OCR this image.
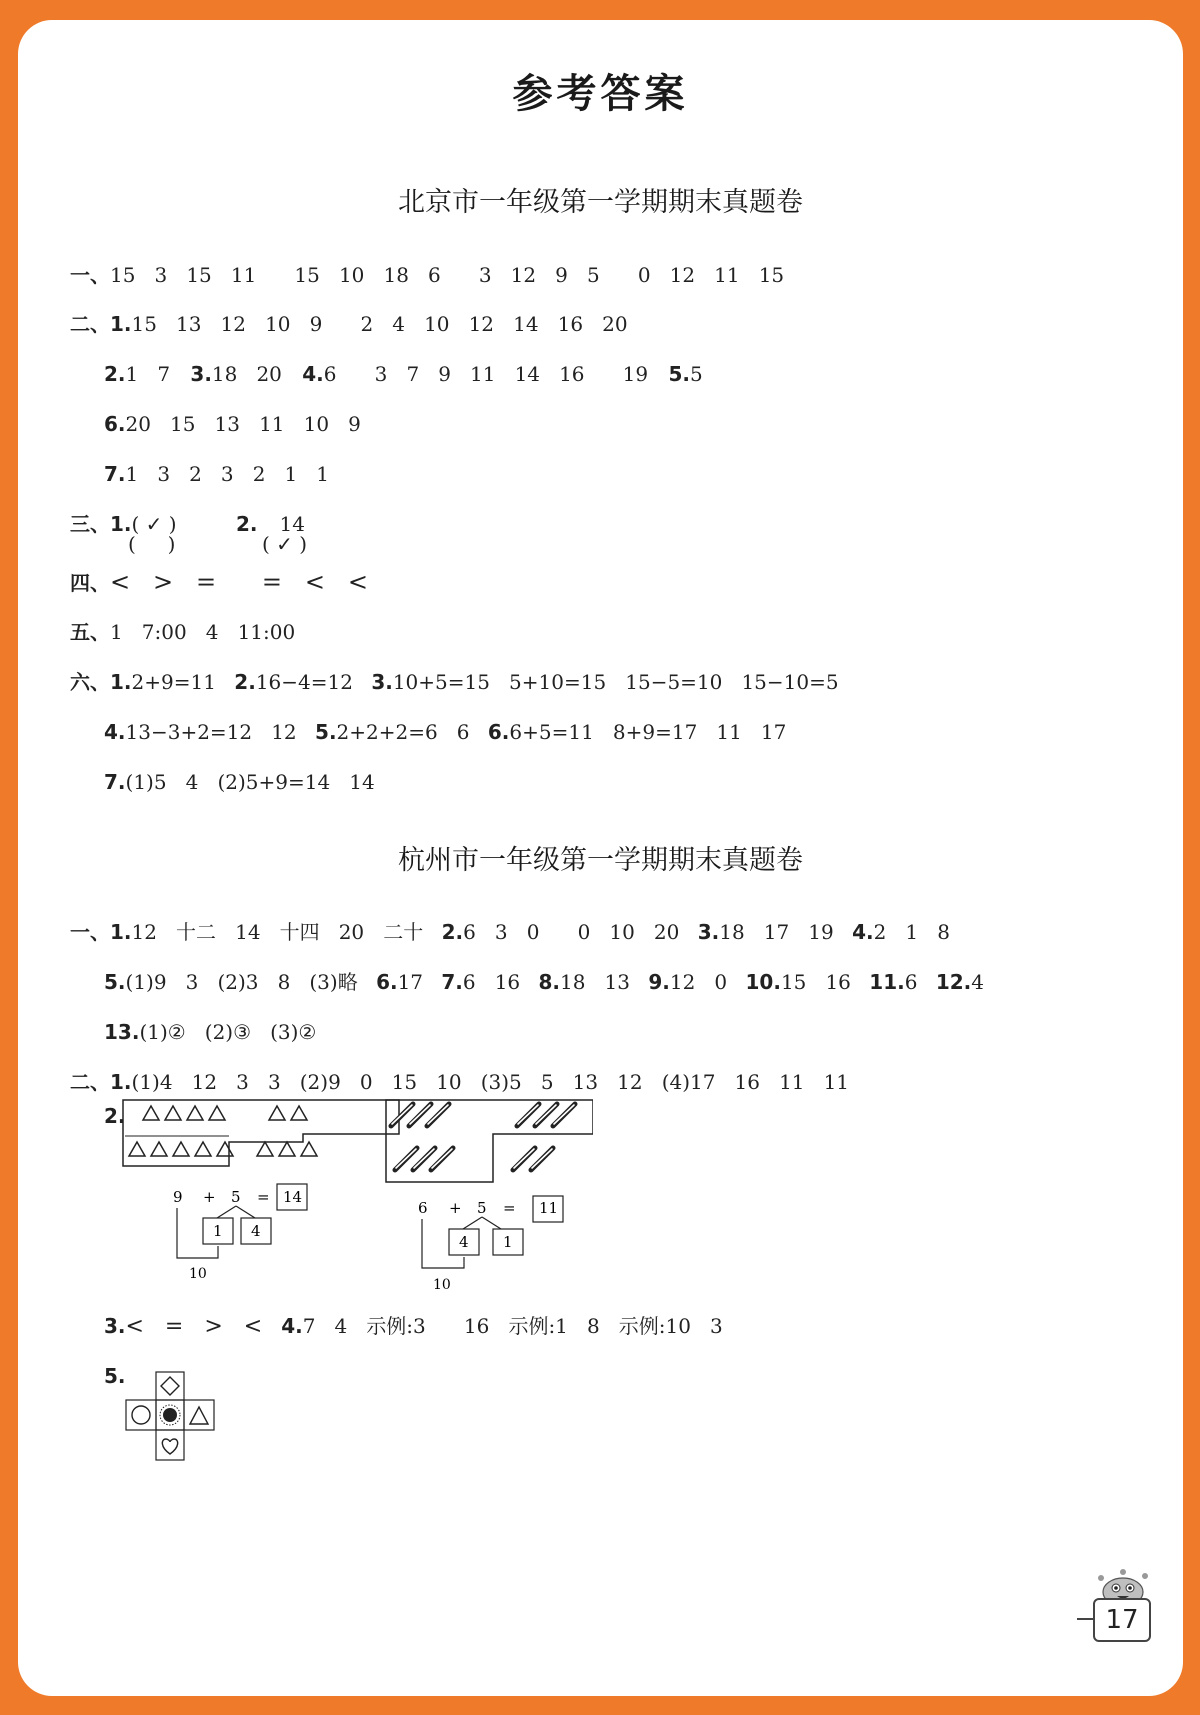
参考答案
北京市一年级第一学期期末真题卷
一、15   3   15   11      15   10   18   6      3   12   9   5      0   12   11   15
二、1.15   13   12   10   9      2   4   10   12   14   16   20
2.1   7 3.18   20 4.6      3   7   9   11   14   16      19 5.5
6.20   15   13   11   10   9
7.1   3   2   3   2   1   1
三、1.( ✓ )
(     )
2. 14
( ✓ )
四、<   >   =      =   <   <
五、1   7:00   4   11:00
六、1.2+9=11 2.16−4=12 3.10+5=15   5+10=15   15−5=10   15−10=5
4.13−3+2=12   12 5.2+2+2=6   6 6.6+5=11   8+9=17   11   17
7.(1)5   4   (2)5+9=14   14
杭州市一年级第一学期期末真题卷
一、1.12   十二   14   十四   20   二十 2.6   3   0      0   10   20 3.18   17   19 4.2   1   8
5.(1)9   3   (2)3   8   (3)略 6.17 7.6   16 8.18   13 9.12   0 10.15   16 11.6 12.4
13.(1)②   (2)③   (3)②
二、1.(1)4   12   3   3   (2)9   0   15   10   (3)5   5   13   12   (4)17   16   11   11
2.
9 + 5 = 14
1 4
10
6 + 5 = 11
4 1
10
3.<   =   >   < 4.7   4   示例:3      16   示例:1   8   示例:10   3
5.
17
